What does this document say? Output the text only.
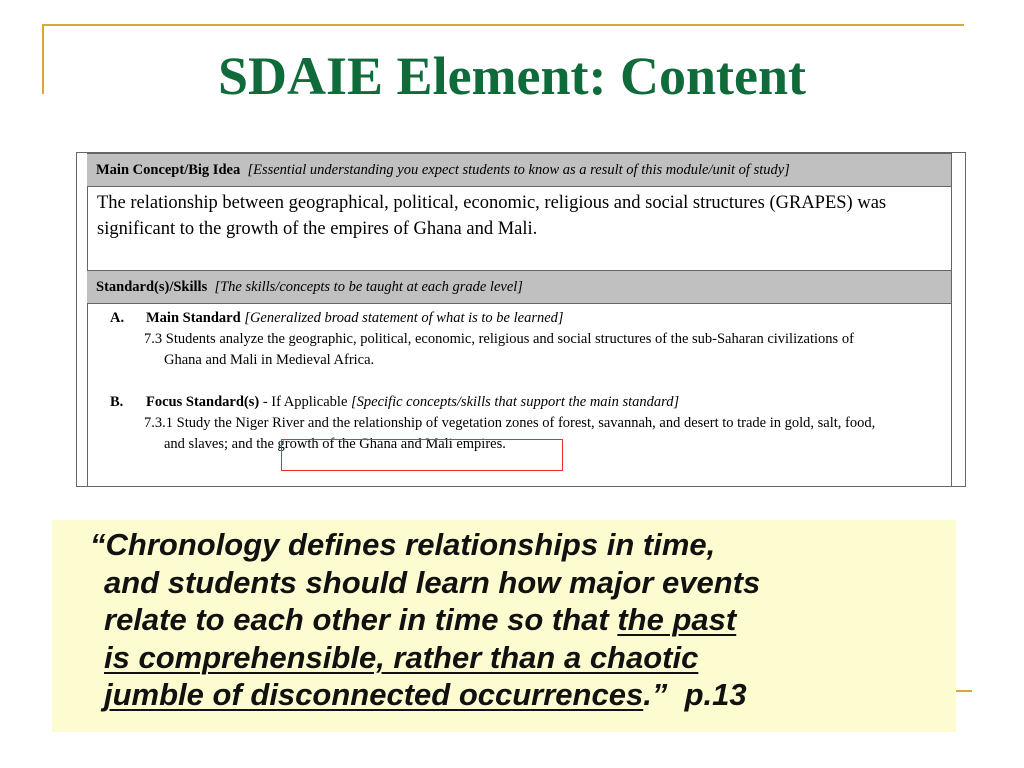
SDAIE Element: Content
Main Concept/Big Idea [Essential understanding you expect students to know as a result of this module/unit of study]
The relationship between geographical, political, economic, religious and social structures (GRAPES) was significant to the growth of the empires of Ghana and Mali.
Standard(s)/Skills [The skills/concepts to be taught at each grade level]
A.	Main Standard [Generalized broad statement of what is to be learned]
7.3 Students analyze the geographic, political, economic, religious and social structures of the sub-Saharan civilizations of
Ghana and Mali in Medieval Africa.
B.	Focus Standard(s) - If Applicable [Specific concepts/skills that support the main standard]
7.3.1 Study the Niger River and the relationship of vegetation zones of forest, savannah, and desert to trade in gold, salt, food,
and slaves; and the growth of the Ghana and Mali empires.
“Chronology defines relationships in time,
and students should learn how major events
relate to each other in time so that the past
is comprehensible, rather than a chaotic
jumble of disconnected occurrences.” p.13
